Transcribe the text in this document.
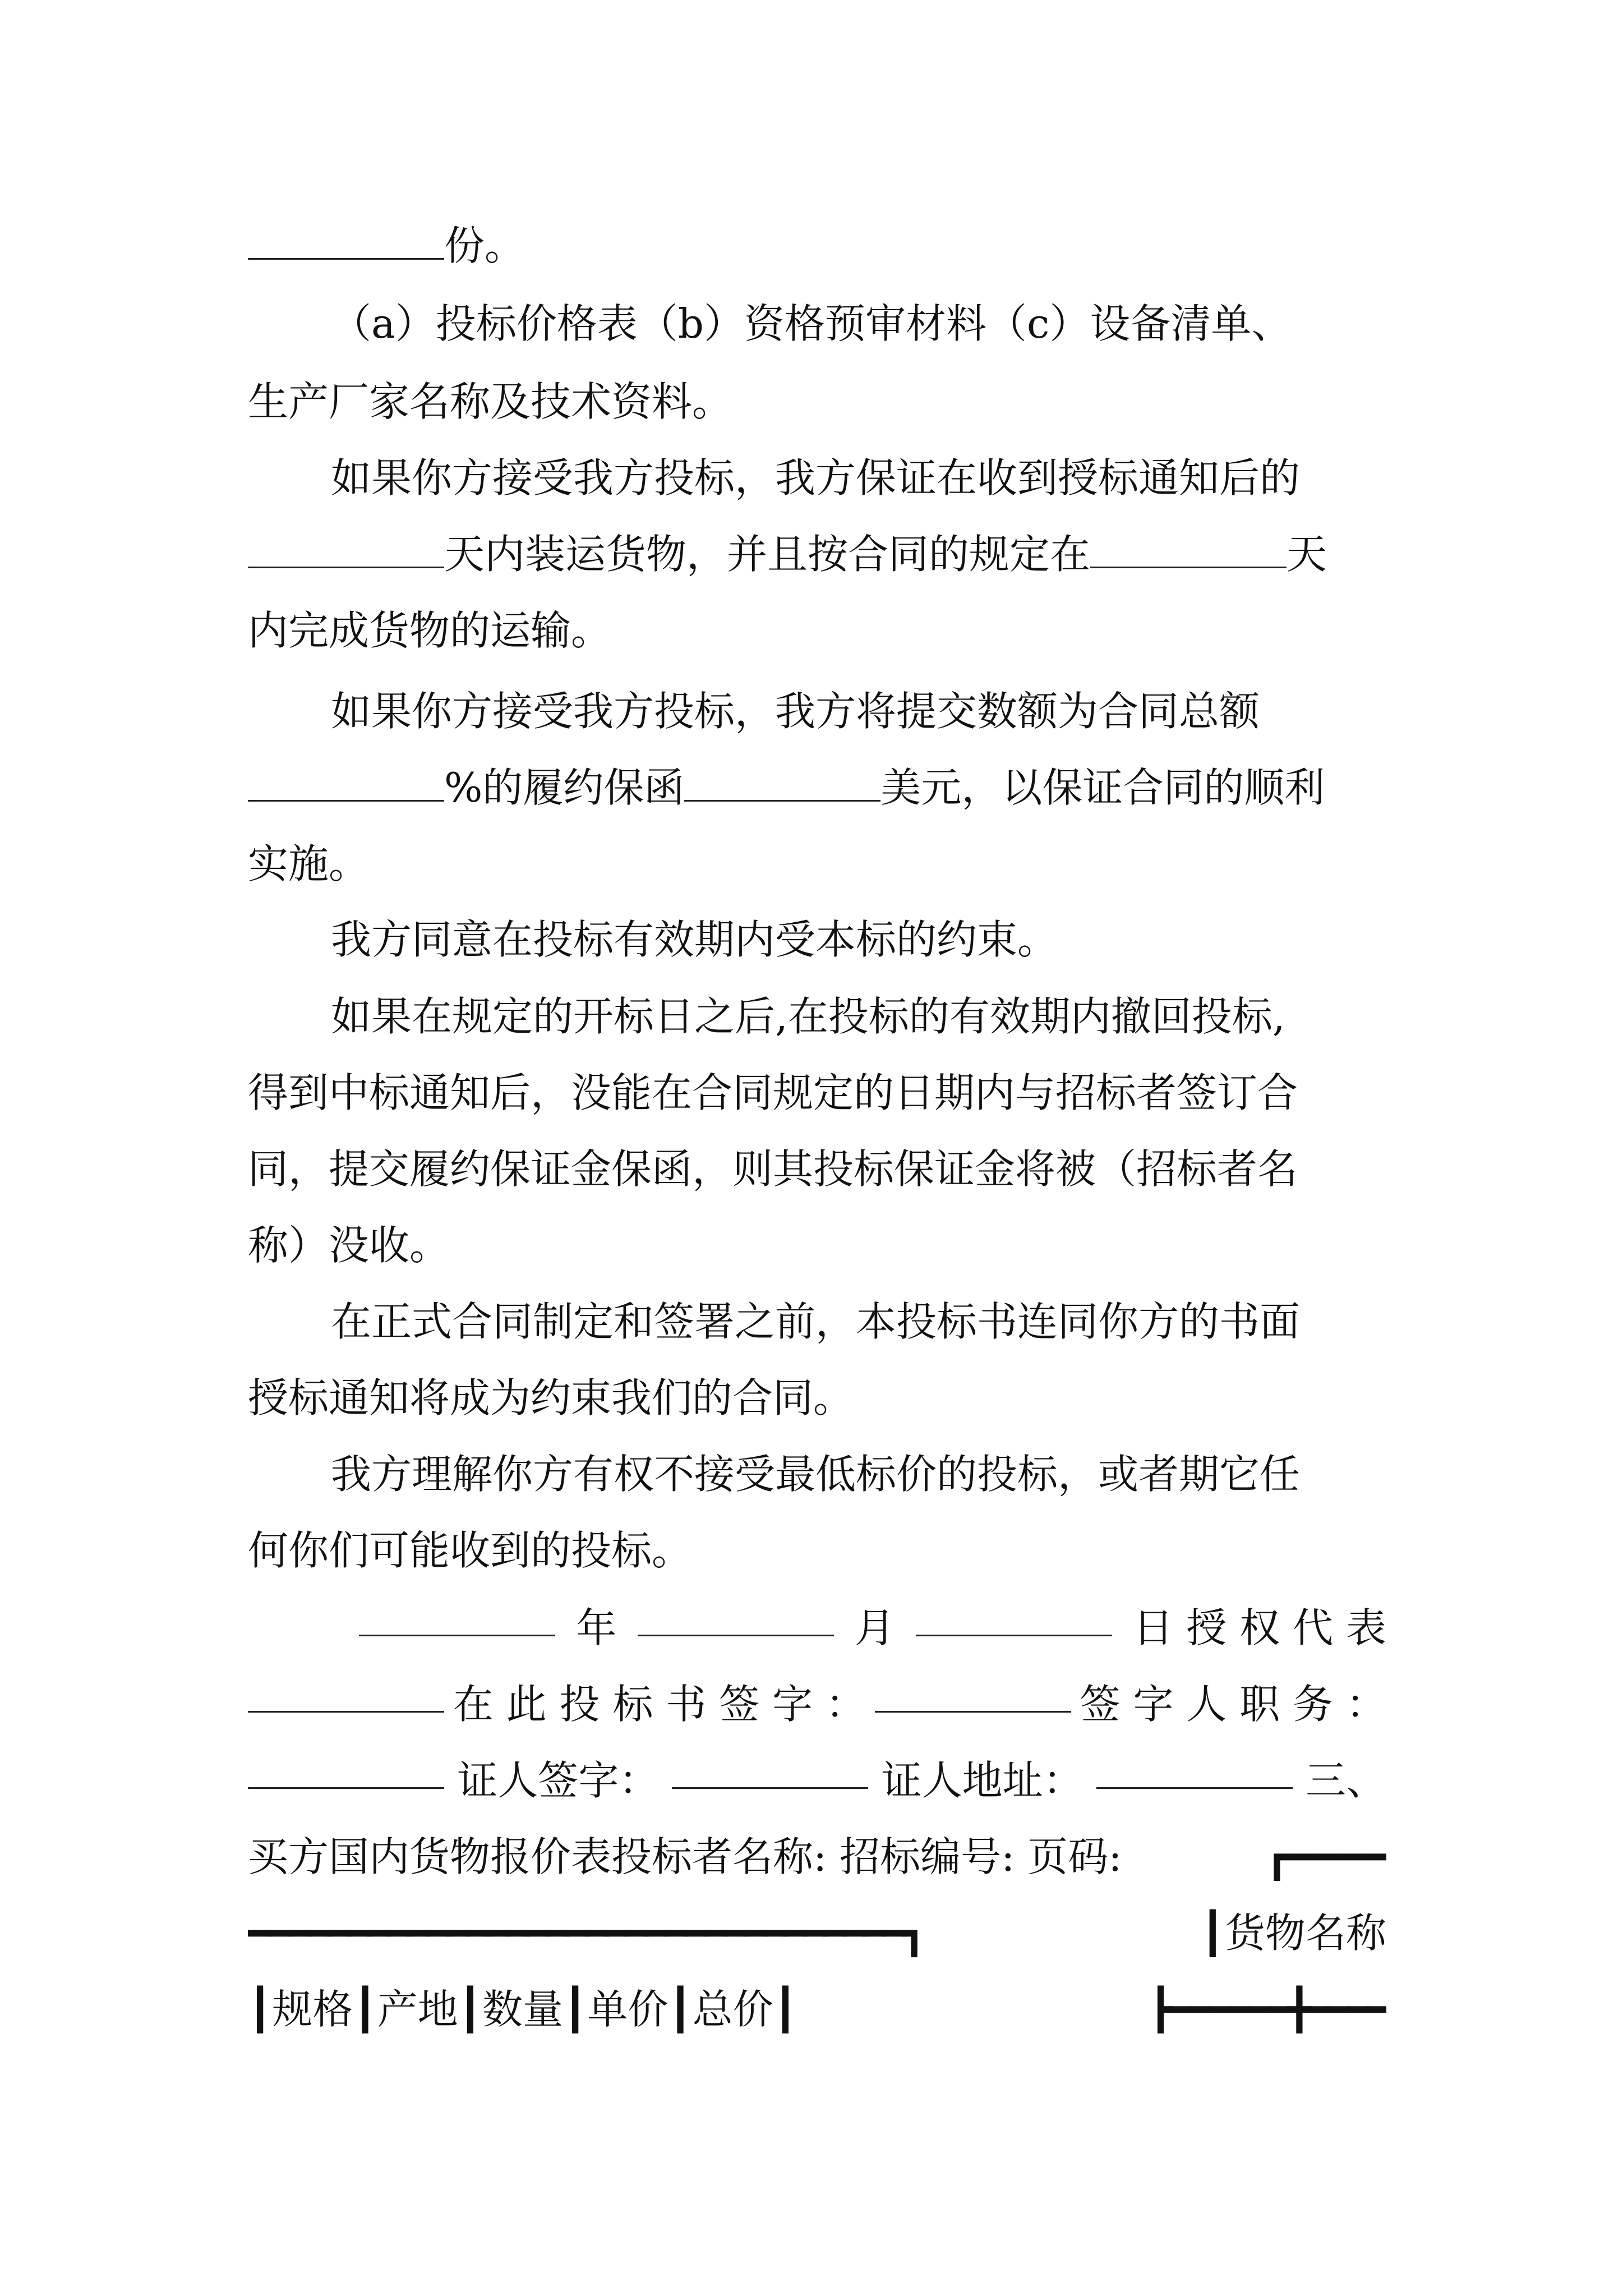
份。
（a）投标价格表（b）资格预审材料（c）设备清单、
生产厂家名称及技术资料。
如果你方接受我方投标，我方保证在收到授标通知后的
天内装运货物，并且按合同的规定在	天
内完成货物的运输。
如果你方接受我方投标，我方将提交数额为合同总额
%的履约保函	美元，以保证合同的顺利
实施。
我方同意在投标有效期内受本标的约束。
如果在规定的开标日之后,在投标的有效期内撤回投标,
得到中标通知后，没能在合同规定的日期内与招标者签订合
同，提交履约保证金保函，则其投标保证金将被（招标者名
称）没收。
在正式合同制定和签署之前，本投标书连同你方的书面
授标通知将成为约束我们的合同。
我方理解你方有权不接受最低标价的投标，或者期它任
何你们可能收到的投标。
年	月	日 授 权 代 表
在 此 投 标 书 签 字 ：	签 字 人 职 务 ：
证人签字：	证人地址：	三、
买方国内货物报价表投标者名称: 招标编号: 页码:	┏━━━━
━━━━━━━━━━━━━━━━━━━━━━━━━━━━━━━━━┓	┃货物名称
┃规格┃产地┃数量┃单价┃总价┃	┣━━━━━━╋━━━━
